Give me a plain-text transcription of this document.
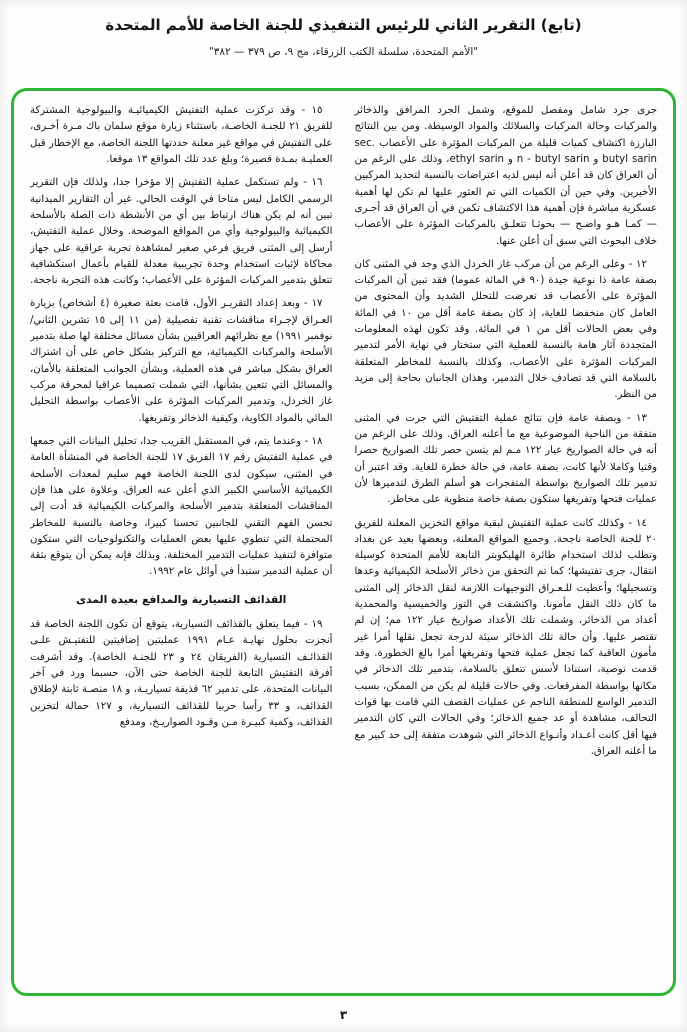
(تابع) التقرير الثاني للرئيس التنفيذي للجنة الخاصة للأمم المتحدة
"الأمم المتحدة، سلسلة الكتب الزرقاء، مج ٩، ص ٣٧٩ — ٣٨٢"

جرى جرد شامل ومفصل للموقع، وشمل الجرد المرافق والذخائر والمركبات وحالة المركبات والسلائك والمواد الوسيطة. ومن بين النتائج البارزة اكتشاف كميات قليلة من المركبات المؤثرة على الأعصاب sec. butyl sarin و n - butyl sarin و ethyl sarin، وذلك على الرغم من أن العراق كان قد أعلن أنه ليس لديه اعتراضات بالنسبة لتحديد المركبين الأخيرين. وفي حين أن الكميات التي تم العثور عليها لم تكن لها أهمية عسكرية مباشرة فإن أهمية هذا الاكتشاف تكمن في أن العراق قد أجـرى — كمـا هـو واضـح — بحوثـا تتعلـق بالمركبات المؤثرة على الأعصاب خلاف البحوث التي سبق أن أعلن عنها.

١٢ - وعلى الرغم من أن مركب غاز الخردل الذي وجد في المثنى كان بصفة عامة ذا نوعية جيدة (٩٠ في المائة عموما) فقد تبين أن المركبات المؤثرة على الأعصاب قد تعرضت للتحلل الشديد وأن المحتوى من العامل كان منخفضا للغاية، إذ كان بصفة عامة أقل من ١٠ في المائة وفي بعض الحالات أقل من ١ في المائة. وقد تكون لهذه المعلومات المتجددة آثار هامة بالنسبة للعملية التي ستختار في نهاية الأمر لتدمير المركبات المؤثرة على الأعصاب، وكذلك بالنسبة للمخاطر المتعلقة بالسلامة التي قد تصادف خلال التدمير، وهذان الجانبان بحاجة إلى مزيد من النظر.

١٣ - وبصفة عامة فإن نتائج عملية التفتيش التي جرت في المثنى متفقة من الناحية الموضوعية مع ما أعلنه العراق. وذلك على الرغم من أنه في حالة الصواريخ عيار ١٢٢ مـم لم يتسن حصر تلك الصواريخ حصرا وقتيا وكاملا لأنها كانت، بصفة عامة، في حالة خطرة للغاية. وقد اعتبر أن تدمير تلك الصواريخ بواسطة المتفجرات هو أسلم الطرق لتدميرها لأن عمليات فتحها وتفريغها ستكون بصفة خاصة منطوية على مخاطر.

١٤ - وكذلك كانت عملية التفتيش لبقية مواقع التخزين المعلنة للفريق ٢٠ للجنة الخاصة ناجحة. وجميع المواقع المعلنة، وبعضها بعيد عن بغداد وتطلب لذلك استخدام طائرة الهليكوبتر التابعة للأمم المتحدة كوسيلة انتقال، جرى تفتيشها؛ كما تم التحقق من ذخائر الأسلحة الكيميائية وعدها وتسجيلها؛ وأعطيت للـعـراق التوجيهات اللازمة لنقل الذخائر إلى المثنى ما كان ذلك النقل مأمونا. واكتشفت في التوز والخميسية والمحمدية أعداد من الذخائر، وشملت تلك الأعداد صواريخ عيار ١٢٢ مم؛ إن لم تقتصر عليها. وأن حالة تلك الذخائر سيئة لدرجة تجعل نقلها أمرا غير مأمون العاقبة كما تجعل عملية فتحها وتفريغها أمرا بالغ الخطورة. وقد قدمت توصية، استنادا لأسس تتعلق بالسلامة، بتدمير تلك الذخائر في مكانها بواسطة المفرقعات. وفي حالات قليلة لم يكن من الممكن، بسبب التدمير الواسع للمنطقة الناجم عن عمليات القصف التي قامت بها قوات التحالف، مشاهدة أو عد جميع الذخائر؛ وفي الحالات التي كان التدمير فيها أقل كانت أعـداد وأنـواع الذخائر التي شوهدت متفقة إلى حد كبير مع ما أعلنه العراق.

١٥ - وقد تركزت عملية التفتيش الكيميائيـة والبيولوجية المشتركة للفريق ٢١ للجنـة الخاصـة، باستثناء زيارة موقع سلمان باك مـرة أخـرى، على التفتيش في مواقع غير معلنة حددتها اللجنة الخاصة، مع الإخطار قبل العمليـة بمـدة قصيرة؛ وبلغ عدد تلك المواقع ١٣ موقعا.

١٦ - ولم تستكمل عملية التفتيش إلا مؤخرا جدا، ولذلك فإن التقرير الرسمي الكامل ليس متاحا في الوقت الحالي. غير أن التقارير الميدانية تبين أنه لم يكن هناك ارتباط بين أي من الأنشطة ذات الصلة بالأسلحة الكيميائية والبيولوجية وأي من المواقع الموضحة. وخلال عملية التفتيش، أرسل إلى المثنى فريق فرعي صغير لمشاهدة تجربة عراقية على جهاز محاكاة لإثبات استخدام وحدة تجريبية معدلة للقيام بأعمال استكشافية تتعلق بتدمير المركبات المؤثرة على الأعصاب؛ وكانت هذه التجربة ناجحة.

١٧ - وبعد إعداد التقريـر الأول، قامت بعثة صغيرة (٤ أشخاص) بزيارة العـراق لإجـراء مناقشات تقنية تفصيلية (من ١١ إلى ١٥ تشرين الثاني/ نوفمبر ١٩٩١) مع نظرائهم العراقيين بشأن مسائل مختلفة لها صلة بتدمير الأسلحة والمركبات الكيميائية، مع التركيز بشكل خاص على أن اشتراك العراق بشكل مباشر في هذه العملية، وبشأن الجوانب المتعلقة بالأمان، والمسائل التي تتعين بشأنها، التي شملت تصميما عراقيا لمحرقة مركب غاز الخردل، وتدمير المركبات المؤثرة على الأعصاب بواسطة التحليل المائي بالمواد الكاوية، وكيفية الذخائر وتفريغها.

١٨ - وعندما يتم، في المستقبل القريب جدا، تحليل البيانات التي جمعها في عملية التفتيش رقم ١٧ الفريق ١٧ للجنة الخاصة في المنشأة العامة في المثنى، سيكون لدى اللجنة الخاصة فهم سليم لمعدات الأسلحة الكيميائية الأساسي الكبير الذي أعلن عنه العراق. وعلاوة على هذا فإن المناقشات المتعلقة بتدمير الأسلحة والمركبات الكيميائية قد أدت إلى تحسن الفهم التقني للجانبين تحسنا كبيرا، وخاصة بالنسبة للمخاطر المحتملة التي تنطوي عليها بعض العمليات والتكنولوجيات التي ستكون متوافرة لتنفيذ عمليات التدمير المختلفة. وبذلك فإنه يمكن أن يتوقع بثقة أن عملية التدمير ستبدأ في أوائل عام ١٩٩٢.

القذائف التسيارية والمدافع بعيدة المدى

١٩ - فيما يتعلق بالقذائف التسيارية، يتوقع أن تكون اللجنة الخاصة قد أنجزت بحلول نهايـة عـام ١٩٩١ عمليتين إضافيتين للتفتيـش علـى القذائـف التسيارية (الفريقان ٢٤ و ٢٣ للجنـة الخاصة). وقد أشرفت أفرقة التفتيش التابعة للجنة الخاصة حتى الآن، حسبما ورد في آخر البيانات المتحدة، على تدمير ٦٢ قذيفة تسياريـة، و ١٨ منصـة ثابتة لإطلاق القذائف، و ٣٣ رأسا حربيا للقذائف التسيارية، و ١٢٧ حمالة لتخزين القذائف، وكمية كبيـرة مـن وقـود الصواريـخ، ومدفع

٣
